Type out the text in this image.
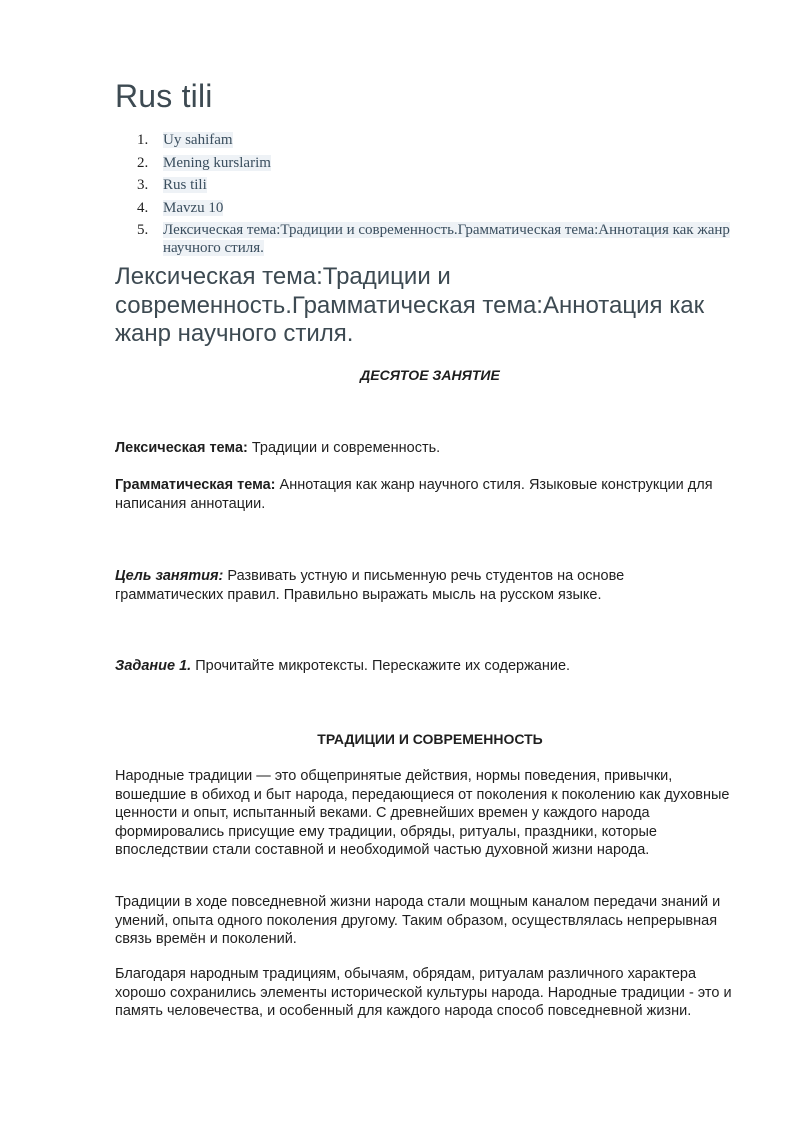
Rus tili
1. Uy sahifam
2. Mening kurslarim
3. Rus tili
4. Mavzu 10
5. Лексическая тема:Традиции и современность.Грамматическая тема:Аннотация как жанр научного стиля.
Лексическая тема:Традиции и современность.Грамматическая тема:Аннотация как жанр научного стиля.

ДЕСЯТОЕ ЗАНЯТИЕ

Лексическая тема: Традиции и современность.

Грамматическая тема: Аннотация как жанр научного стиля. Языковые конструкции для написания аннотации.

Цель занятия: Развивать устную и письменную речь студентов на основе грамматических правил. Правильно выражать мысль на русском языке.

Задание 1. Прочитайте микротексты. Перескажите их содержание.

ТРАДИЦИИ И СОВРЕМЕННОСТЬ

Народные традиции — это общепринятые действия, нормы поведения, привычки, вошедшие в обиход и быт народа, передающиеся от поколения к поколению как духовные ценности и опыт, испытанный веками. С древнейших времен у каждого народа формировались присущие ему традиции, обряды, ритуалы, праздники, которые впоследствии стали составной и необходимой частью духовной жизни народа.

Традиции в ходе повседневной жизни народа стали мощным каналом передачи знаний и умений, опыта одного поколения другому. Таким образом, осуществлялась непрерывная связь времён и поколений.

Благодаря народным традициям, обычаям, обрядам, ритуалам различного характера хорошо сохранились элементы исторической культуры народа. Народные традиции - это и память человечества, и особенный для каждого народа способ повседневной жизни.
